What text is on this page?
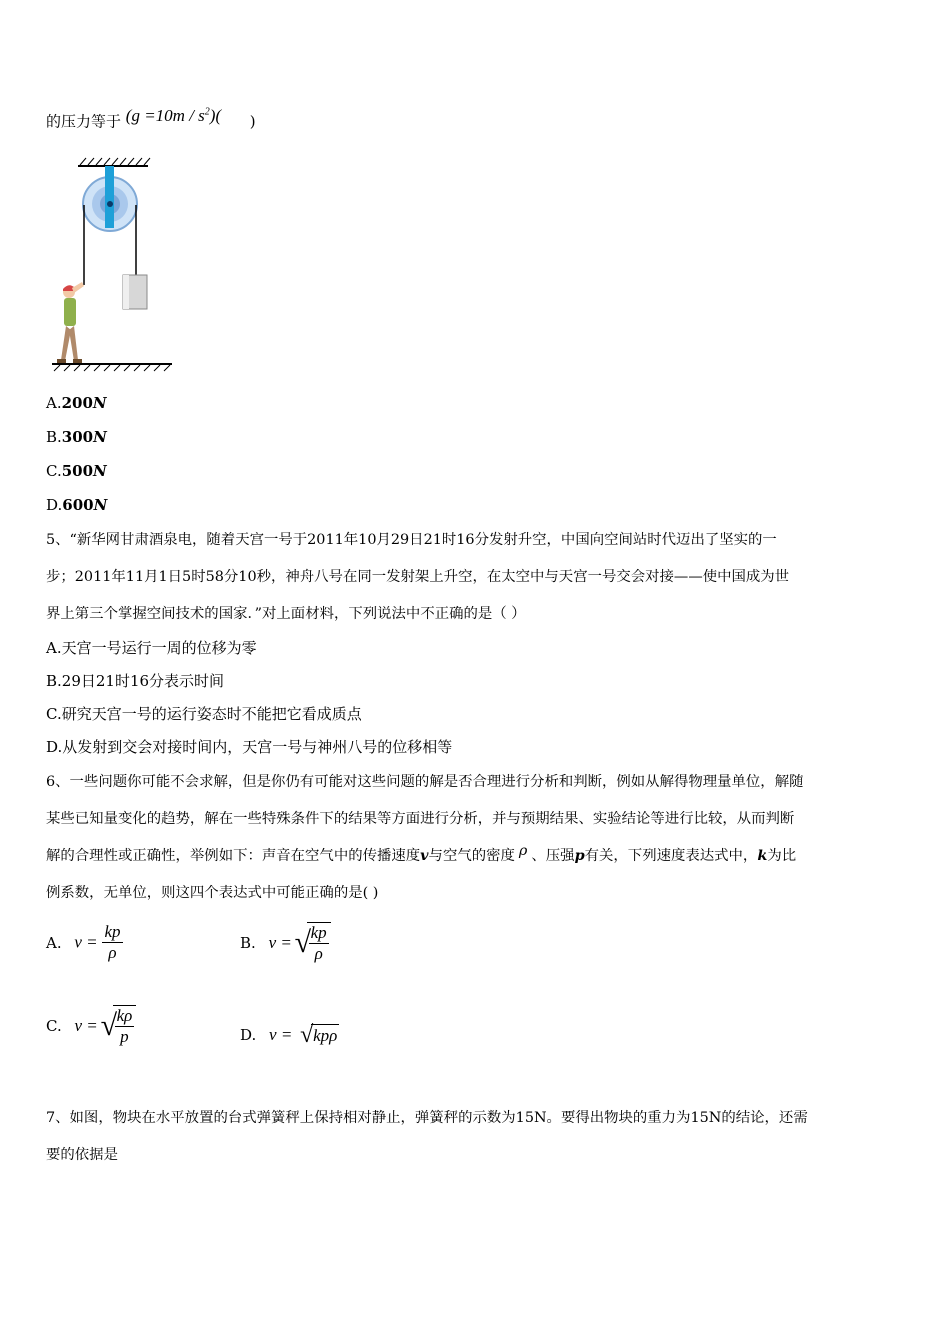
的压力等于 $(g =10m / s^2)$(      )
A.200N
B.300N
C.500N
D.600N
5、“新华网甘肃酒泉电，随着天宫一号于2011年10月29日21时16分发射升空，中国向空间站时代迈出了坚实的一
步；2011年11月1日5时58分10秒，神舟八号在同一发射架上升空，在太空中与天宫一号交会对接——使中国成为世
界上第三个掌握空间技术的国家．”对上面材料，下列说法中不正确的是（ ）
A.天宫一号运行一周的位移为零
B.29日21时16分表示时间
C.研究天宫一号的运行姿态时不能把它看成质点
D.从发射到交会对接时间内，天宫一号与神州八号的位移相等
6、一些问题你可能不会求解，但是你仍有可能对这些问题的解是否合理进行分析和判断，例如从解得物理量单位，解随
某些已知量变化的趋势，解在一些特殊条件下的结果等方面进行分析，并与预期结果、实验结论等进行比较，从而判断
解的合理性或正确性，举例如下：声音在空气中的传播速度v与空气的密度 ρ 、压强p有关，下列速度表达式中，k为比
例系数，无单位，则这四个表达式中可能正确的是( )
A. $v = \frac{kp}{\rho}$	B. v = √
$\frac{kp}{\rho}$
C. v = √
$\frac{k\rho}{p}$	D. v = √ kpρ
7、如图，物块在水平放置的台式弹簧秤上保持相对静止，弹簧秤的示数为15N。要得出物块的重力为15N的结论，还需
要的依据是
